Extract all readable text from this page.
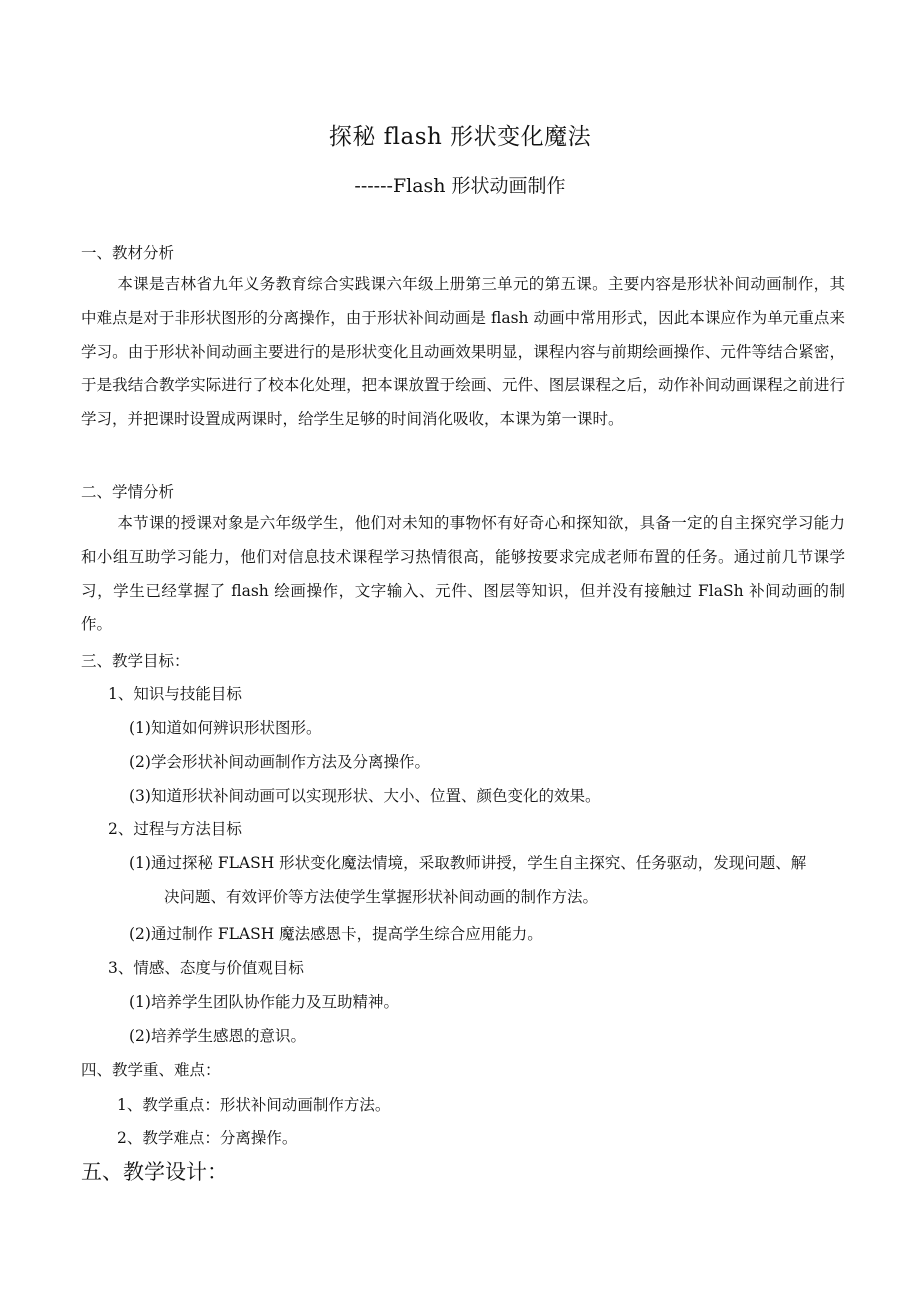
探秘 flash 形状变化魔法
------Flash 形状动画制作
一、教材分析
本课是吉林省九年义务教育综合实践课六年级上册第三单元的第五课。主要内容是形状补间动画制作，其中难点是对于非形状图形的分离操作，由于形状补间动画是 flash 动画中常用形式，因此本课应作为单元重点来学习。由于形状补间动画主要进行的是形状变化且动画效果明显，课程内容与前期绘画操作、元件等结合紧密，于是我结合教学实际进行了校本化处理，把本课放置于绘画、元件、图层课程之后，动作补间动画课程之前进行学习，并把课时设置成两课时，给学生足够的时间消化吸收，本课为第一课时。
二、学情分析
本节课的授课对象是六年级学生，他们对未知的事物怀有好奇心和探知欲，具备一定的自主探究学习能力和小组互助学习能力，他们对信息技术课程学习热情很高，能够按要求完成老师布置的任务。通过前几节课学习，学生已经掌握了 flash 绘画操作，文字输入、元件、图层等知识，但并没有接触过 FlaSh 补间动画的制作。
三、教学目标：
1、知识与技能目标
(1)知道如何辨识形状图形。
(2)学会形状补间动画制作方法及分离操作。
(3)知道形状补间动画可以实现形状、大小、位置、颜色变化的效果。
2、过程与方法目标
(1)通过探秘 FLASH 形状变化魔法情境，采取教师讲授，学生自主探究、任务驱动，发现问题、解
决问题、有效评价等方法使学生掌握形状补间动画的制作方法。
(2)通过制作 FLASH 魔法感恩卡，提高学生综合应用能力。
3、情感、态度与价值观目标
(1)培养学生团队协作能力及互助精神。
(2)培养学生感恩的意识。
四、教学重、难点：
1、教学重点：形状补间动画制作方法。
2、教学难点：分离操作。
五、教学设计：
